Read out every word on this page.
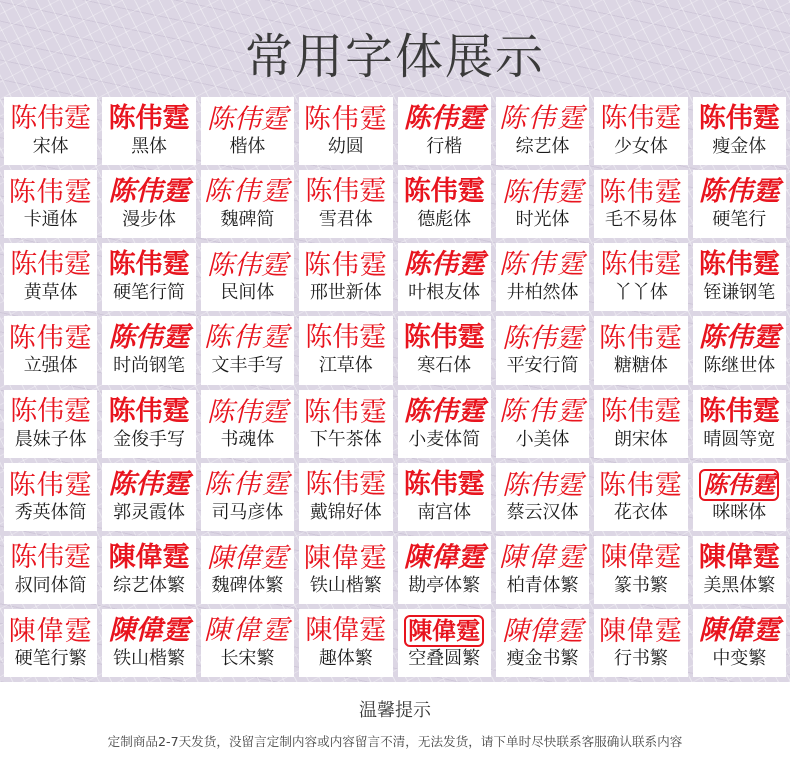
常用字体展示
陈伟霆
宋体
陈伟霆
黑体
陈伟霆
楷体
陈伟霆
幼圆
陈伟霆
行楷
陈伟霆
综艺体
陈伟霆
少女体
陈伟霆
瘦金体
陈伟霆
卡通体
陈伟霆
漫步体
陈伟霆
魏碑简
陈伟霆
雪君体
陈伟霆
德彪体
陈伟霆
时光体
陈伟霆
毛不易体
陈伟霆
硬笔行
陈伟霆
黄草体
陈伟霆
硬笔行简
陈伟霆
民间体
陈伟霆
邢世新体
陈伟霆
叶根友体
陈伟霆
井柏然体
陈伟霆
丫丫体
陈伟霆
铚谦钢笔
陈伟霆
立强体
陈伟霆
时尚钢笔
陈伟霆
文丰手写
陈伟霆
江草体
陈伟霆
寒石体
陈伟霆
平安行简
陈伟霆
糖糖体
陈伟霆
陈继世体
陈伟霆
晨妹子体
陈伟霆
金俊手写
陈伟霆
书魂体
陈伟霆
下午茶体
陈伟霆
小麦体简
陈伟霆
小美体
陈伟霆
朗宋体
陈伟霆
晴圆等宽
陈伟霆
秀英体简
陈伟霆
郭灵霞体
陈伟霆
司马彦体
陈伟霆
戴锦好体
陈伟霆
南宫体
陈伟霆
蔡云汉体
陈伟霆
花衣体
陈伟霆
咪咪体
陈伟霆
叔同体简
陳偉霆
综艺体繁
陳偉霆
魏碑体繁
陳偉霆
铁山楷繁
陳偉霆
勘亭体繁
陳偉霆
柏青体繁
陳偉霆
篆书繁
陳偉霆
美黑体繁
陳偉霆
硬笔行繁
陳偉霆
铁山楷繁
陳偉霆
长宋繁
陳偉霆
趣体繁
陳偉霆
空叠圆繁
陳偉霆
瘦金书繁
陳偉霆
行书繁
陳偉霆
中变繁
温馨提示
定制商品2-7天发货，没留言定制内容或内容留言不清，无法发货，请下单时尽快联系客服确认联系内容
